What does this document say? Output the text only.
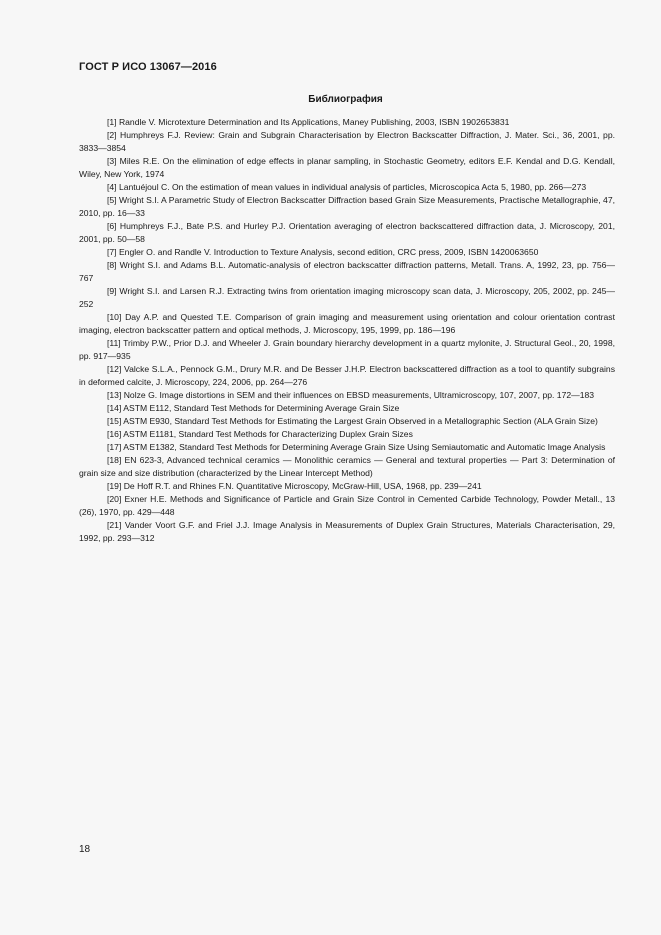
ГОСТ Р ИСО 13067—2016
Библиография

[1] Randle V. Microtexture Determination and Its Applications, Maney Publishing, 2003, ISBN 1902653831

[2] Humphreys F.J. Review: Grain and Subgrain Characterisation by Electron Backscatter Diffraction, J. Mater. Sci., 36, 2001, pp. 3833—3854

[3] Miles R.E. On the elimination of edge effects in planar sampling, in Stochastic Geometry, editors E.F. Kendal and D.G. Kendall, Wiley, New York, 1974

[4] Lantuéjoul C. On the estimation of mean values in individual analysis of particles, Microscopica Acta 5, 1980, pp. 266—273

[5] Wright S.I. A Parametric Study of Electron Backscatter Diffraction based Grain Size Measurements, Practische Metallographie, 47, 2010, pp. 16—33

[6] Humphreys F.J., Bate P.S. and Hurley P.J. Orientation averaging of electron backscattered diffraction data, J. Microscopy, 201, 2001, pp. 50—58

[7] Engler O. and Randle V. Introduction to Texture Analysis, second edition, CRC press, 2009, ISBN 1420063650

[8] Wright S.I. and Adams B.L. Automatic-analysis of electron backscatter diffraction patterns, Metall. Trans. A, 1992, 23, pp. 756—767

[9] Wright S.I. and Larsen R.J. Extracting twins from orientation imaging microscopy scan data, J. Microscopy, 205, 2002, pp. 245—252

[10] Day A.P. and Quested T.E. Comparison of grain imaging and measurement using orientation and colour orientation contrast imaging, electron backscatter pattern and optical methods, J. Microscopy, 195, 1999, pp. 186—196

[11] Trimby P.W., Prior D.J. and Wheeler J. Grain boundary hierarchy development in a quartz mylonite, J. Structural Geol., 20, 1998, pp. 917—935

[12] Valcke S.L.A., Pennock G.M., Drury M.R. and De Besser J.H.P. Electron backscattered diffraction as a tool to quantify subgrains in deformed calcite, J. Microscopy, 224, 2006, pp. 264—276

[13] Nolze G. Image distortions in SEM and their influences on EBSD measurements, Ultramicroscopy, 107, 2007, pp. 172—183

[14] ASTM E112, Standard Test Methods for Determining Average Grain Size

[15] ASTM E930, Standard Test Methods for Estimating the Largest Grain Observed in a Metallographic Section (ALA Grain Size)

[16] ASTM E1181, Standard Test Methods for Characterizing Duplex Grain Sizes

[17] ASTM E1382, Standard Test Methods for Determining Average Grain Size Using Semiautomatic and Automatic Image Analysis

[18] EN 623-3, Advanced technical ceramics — Monolithic ceramics — General and textural properties — Part 3: Determination of grain size and size distribution (characterized by the Linear Intercept Method)

[19] De Hoff R.T. and Rhines F.N. Quantitative Microscopy, McGraw-Hill, USA, 1968, pp. 239—241

[20] Exner H.E. Methods and Significance of Particle and Grain Size Control in Cemented Carbide Technology, Powder Metall., 13 (26), 1970, pp. 429—448

[21] Vander Voort G.F. and Friel J.J. Image Analysis in Measurements of Duplex Grain Structures, Materials Characterisation, 29, 1992, pp. 293—312

18
